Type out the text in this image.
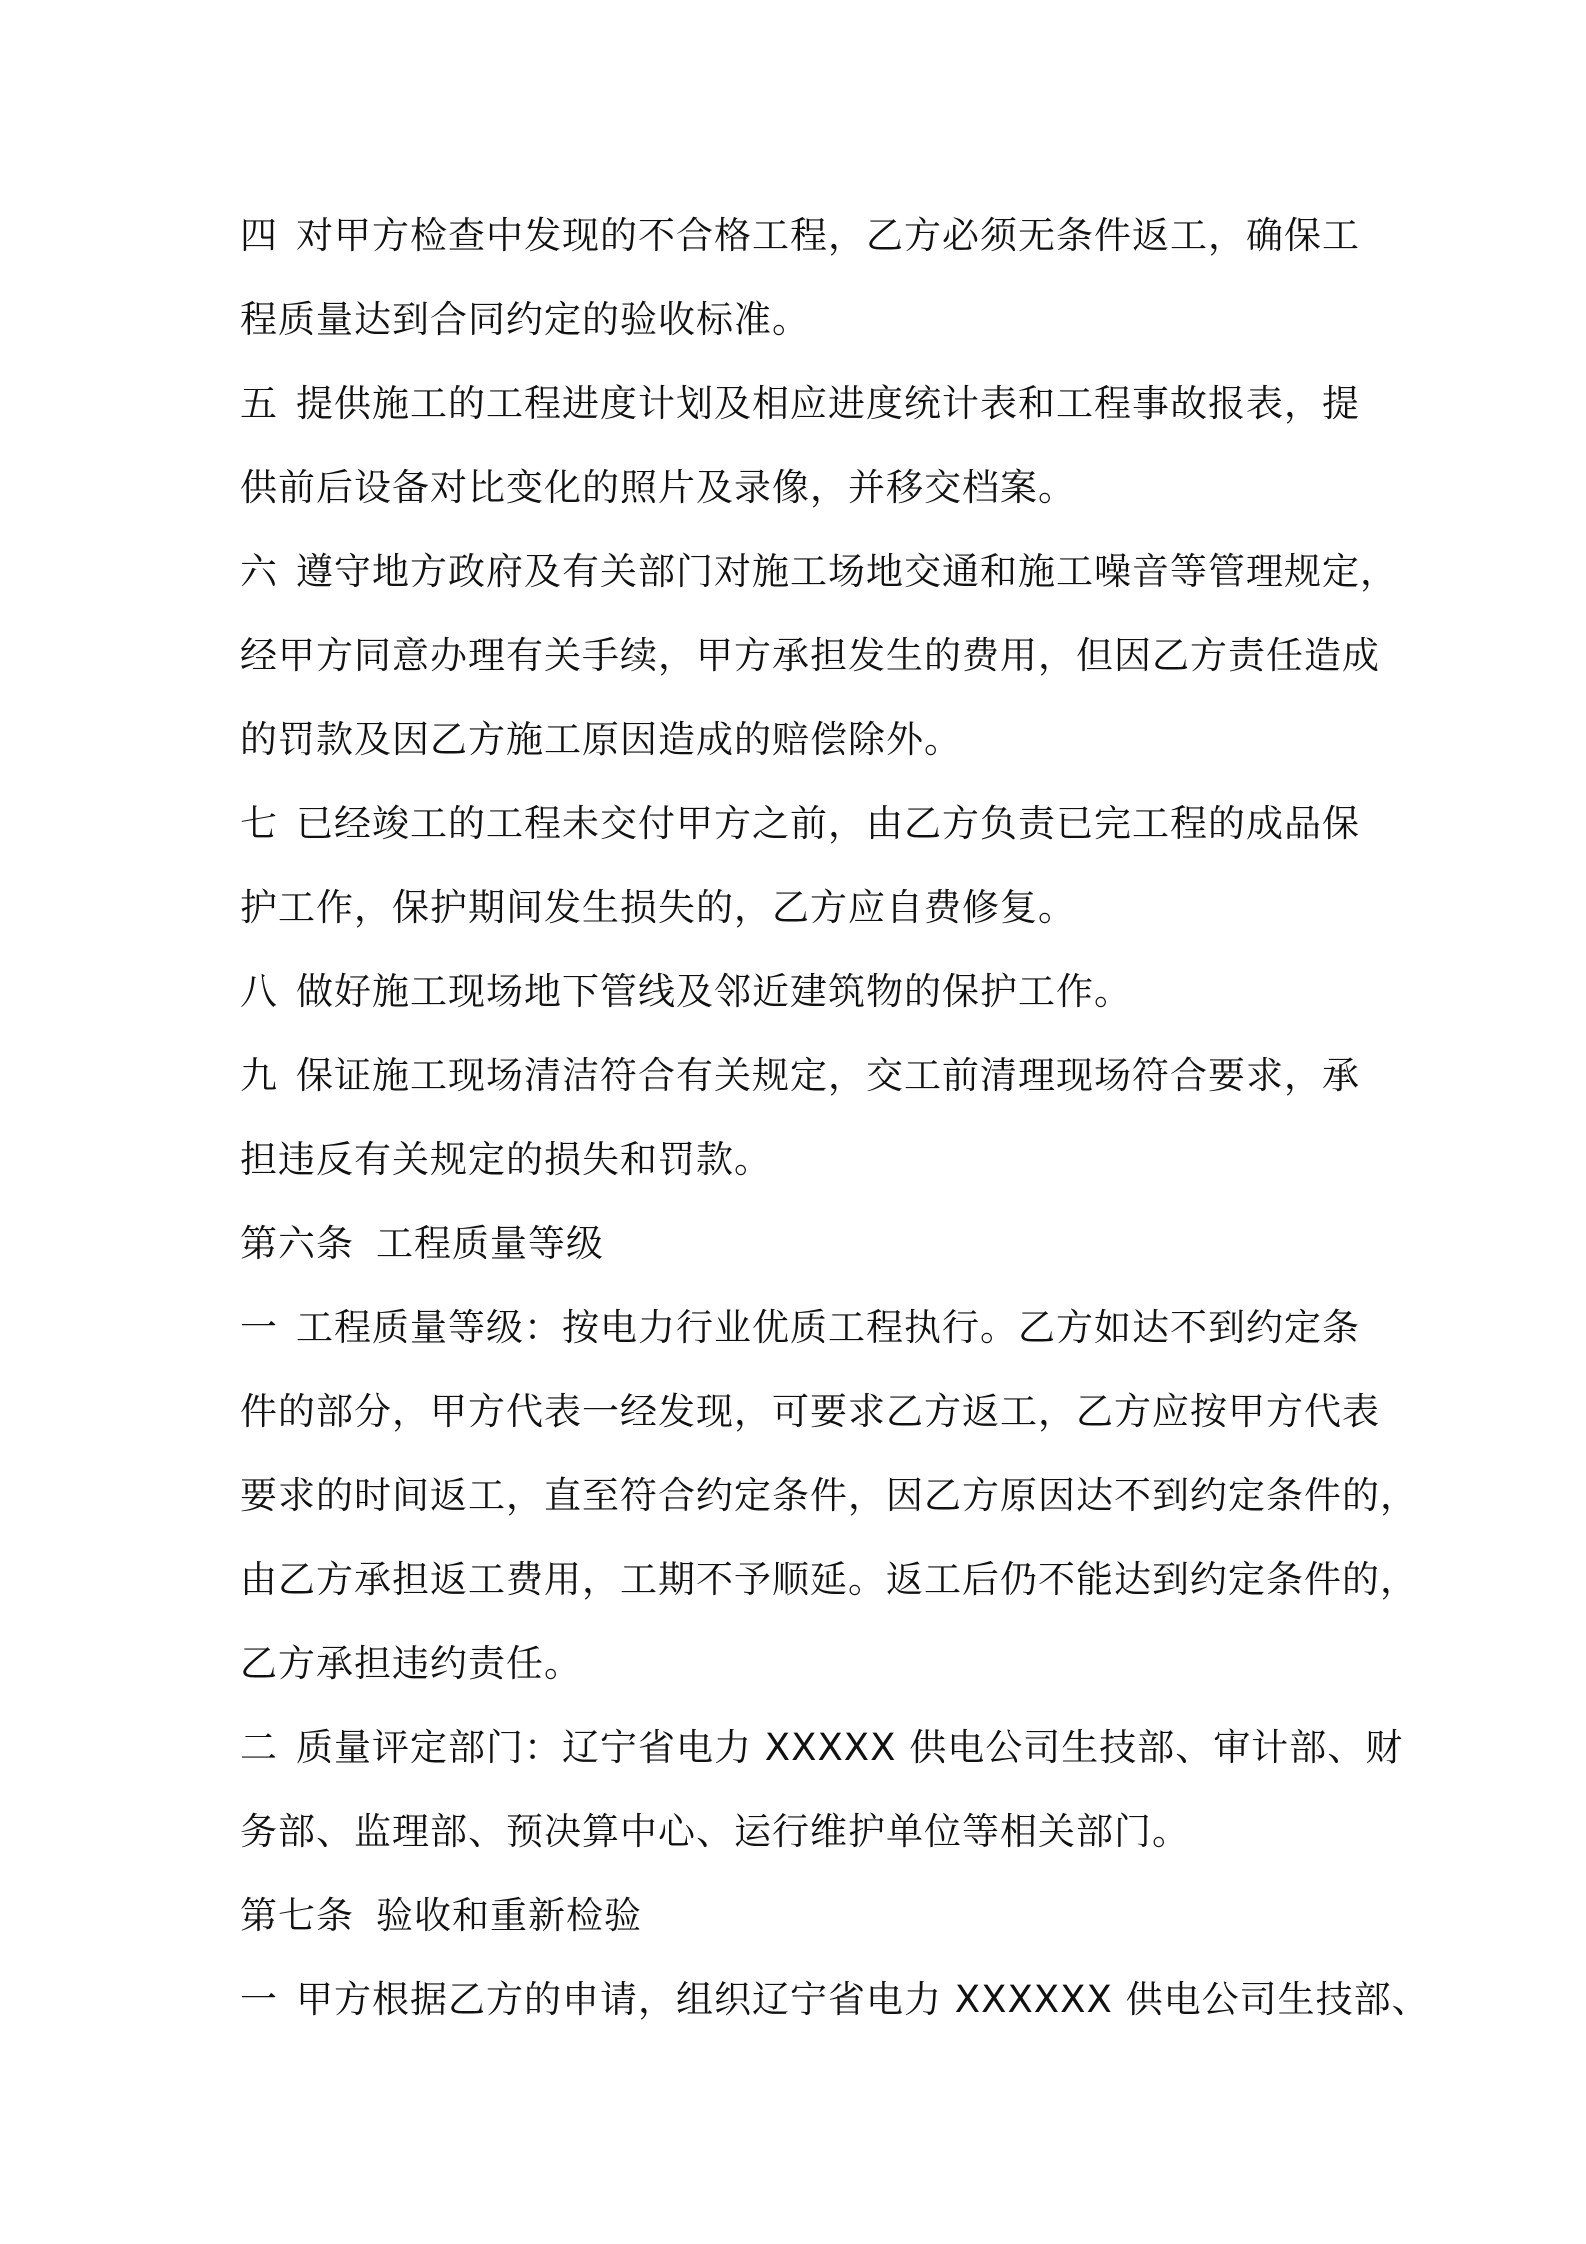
四 对甲方检查中发现的不合格工程，乙方必须无条件返工，确保工
程质量达到合同约定的验收标准。
五 提供施工的工程进度计划及相应进度统计表和工程事故报表，提
供前后设备对比变化的照片及录像，并移交档案。
六 遵守地方政府及有关部门对施工场地交通和施工噪音等管理规定，
经甲方同意办理有关手续，甲方承担发生的费用，但因乙方责任造成
的罚款及因乙方施工原因造成的赔偿除外。
七 已经竣工的工程未交付甲方之前，由乙方负责已完工程的成品保
护工作，保护期间发生损失的，乙方应自费修复。
八 做好施工现场地下管线及邻近建筑物的保护工作。
九 保证施工现场清洁符合有关规定，交工前清理现场符合要求，承
担违反有关规定的损失和罚款。
第六条 工程质量等级
一 工程质量等级：按电力行业优质工程执行。乙方如达不到约定条
件的部分，甲方代表一经发现，可要求乙方返工，乙方应按甲方代表
要求的时间返工，直至符合约定条件，因乙方原因达不到约定条件的，
由乙方承担返工费用，工期不予顺延。返工后仍不能达到约定条件的，
乙方承担违约责任。
二 质量评定部门：辽宁省电力 XXXXX 供电公司生技部、审计部、财
务部、监理部、预决算中心、运行维护单位等相关部门。
第七条 验收和重新检验
一 甲方根据乙方的申请，组织辽宁省电力 XXXXXX 供电公司生技部、
